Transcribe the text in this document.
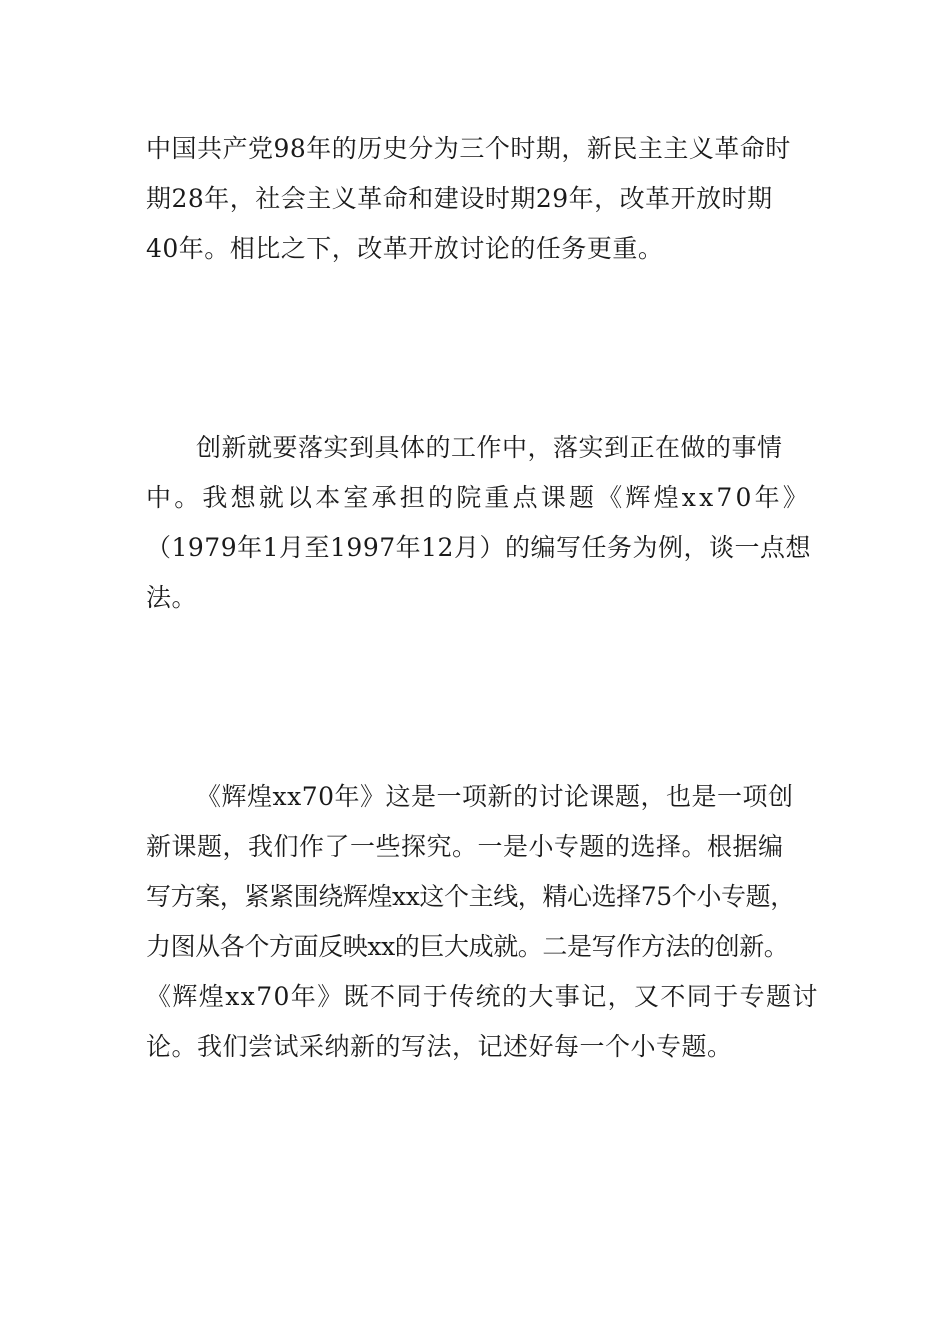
中国共产党98年的历史分为三个时期，新民主主义革命时
期28年，社会主义革命和建设时期29年，改革开放时期
40年。相比之下，改革开放讨论的任务更重。
创新就要落实到具体的工作中，落实到正在做的事情
中。我想就以本室承担的院重点课题《辉煌xx70年》
（1979年1月至1997年12月）的编写任务为例，谈一点想
法。
《辉煌xx70年》这是一项新的讨论课题，也是一项创
新课题，我们作了一些探究。一是小专题的选择。根据编
写方案，紧紧围绕辉煌xx这个主线，精心选择75个小专题，
力图从各个方面反映xx的巨大成就。二是写作方法的创新。
《辉煌xx70年》既不同于传统的大事记，又不同于专题讨
论。我们尝试采纳新的写法，记述好每一个小专题。
